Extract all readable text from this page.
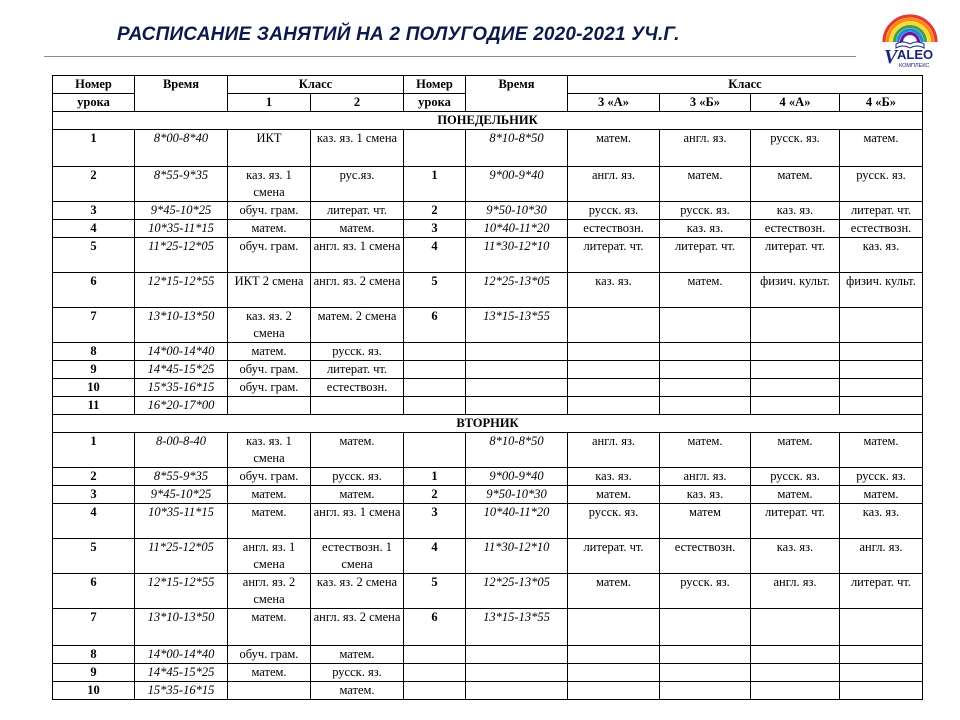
РАСПИСАНИЕ ЗАНЯТИЙ НА 2 ПОЛУГОДИЕ 2020-2021 УЧ.Г.
V ALEO
КОМПЛЕКС
Номер	Время	Класс		Номер	Время	Класс			
урока		1	2	урока		3 «А»	3 «Б»	4 «А»	4 «Б»
ПОНЕДЕЛЬНИК									
1	8*00-8*40	ИКТ	каз. яз. 1 смена		8*10-8*50	матем.	англ. яз.	русск. яз.	матем.
2	8*55-9*35	каз. яз. 1 смена	рус.яз.	1	9*00-9*40	англ. яз.	матем.	матем.	русск. яз.
3	9*45-10*25	обуч. грам.	литерат. чт.	2	9*50-10*30	русск. яз.	русск. яз.	каз. яз.	литерат. чт.
4	10*35-11*15	матем.	матем.	3	10*40-11*20	естествозн.	каз. яз.	естествозн.	естествозн.
5	11*25-12*05	обуч. грам.	англ. яз. 1 смена	4	11*30-12*10	литерат. чт.	литерат. чт.	литерат. чт.	каз. яз.
6	12*15-12*55	ИКТ 2 смена	англ. яз. 2 смена	5	12*25-13*05	каз. яз.	матем.	физич. культ.	физич. культ.
7	13*10-13*50	каз. яз. 2 смена	матем. 2 смена	6	13*15-13*55				
8	14*00-14*40	матем.	русск. яз.						
9	14*45-15*25	обуч. грам.	литерат. чт.						
10	15*35-16*15	обуч. грам.	естествозн.						
11	16*20-17*00								
ВТОРНИК									
1	8-00-8-40	каз. яз. 1 смена	матем.		8*10-8*50	англ. яз.	матем.	матем.	матем.
2	8*55-9*35	обуч. грам.	русск. яз.	1	9*00-9*40	каз. яз.	англ. яз.	русск. яз.	русск. яз.
3	9*45-10*25	матем.	матем.	2	9*50-10*30	матем.	каз. яз.	матем.	матем.
4	10*35-11*15	матем.	англ. яз. 1 смена	3	10*40-11*20	русск. яз.	матем	литерат. чт.	каз. яз.
5	11*25-12*05	англ. яз. 1 смена	естествозн. 1 смена	4	11*30-12*10	литерат. чт.	естествозн.	каз. яз.	англ. яз.
6	12*15-12*55	англ. яз. 2 смена	каз. яз. 2 смена	5	12*25-13*05	матем.	русск. яз.	англ. яз.	литерат. чт.
7	13*10-13*50	матем.	англ. яз. 2 смена	6	13*15-13*55				
8	14*00-14*40	обуч. грам.	матем.						
9	14*45-15*25	матем.	русск. яз.						
10	15*35-16*15		матем.						
